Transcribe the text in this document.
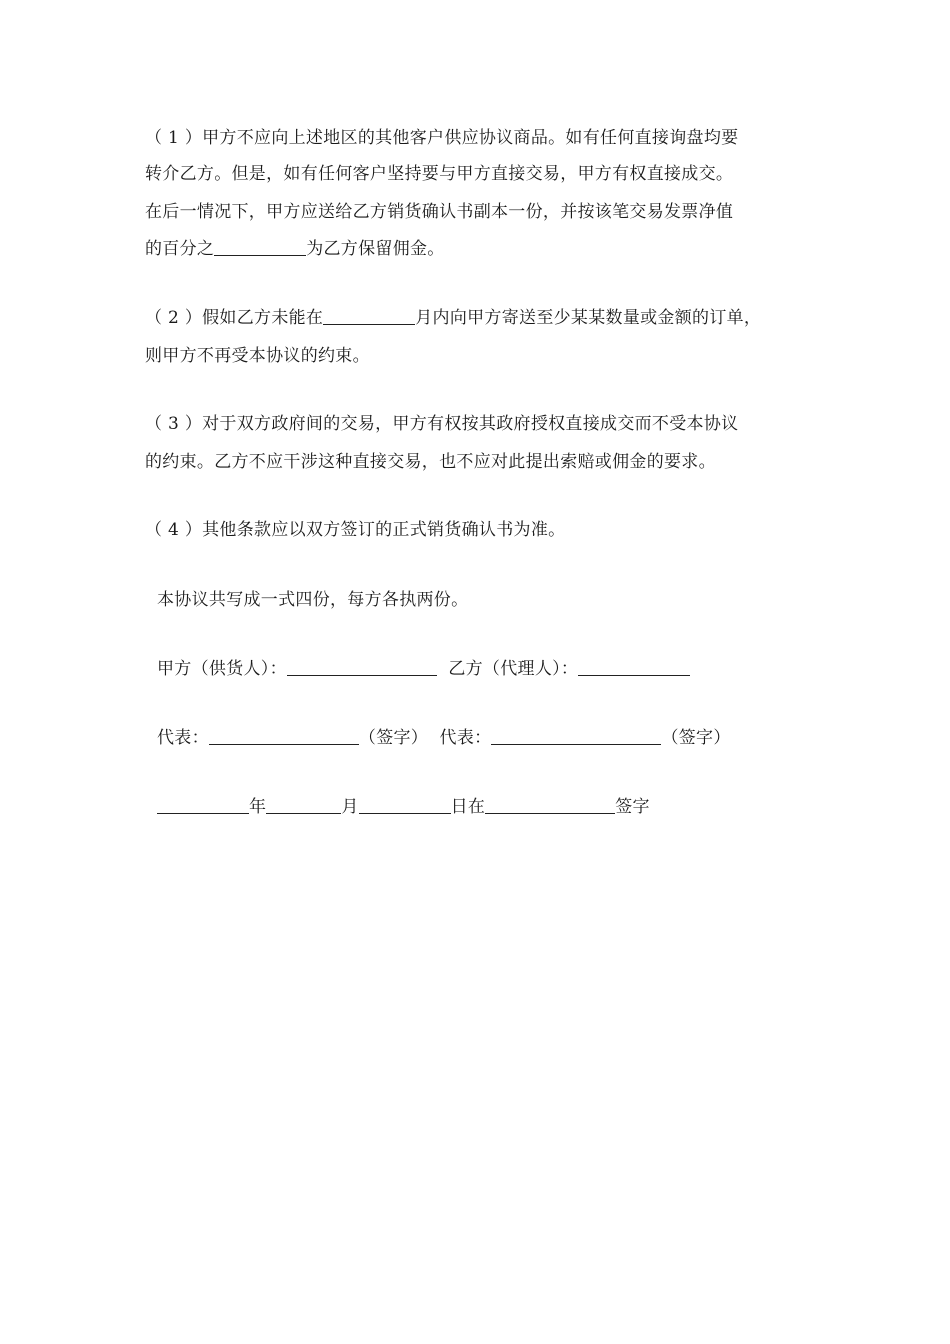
（ 1 ）甲方不应向上述地区的其他客户供应协议商品。如有任何直接询盘均要
转介乙方。但是，如有任何客户坚持要与甲方直接交易，甲方有权直接成交。
在后一情况下，甲方应送给乙方销货确认书副本一份，并按该笔交易发票净值
的百分之	为乙方保留佣金。
（ 2 ）假如乙方未能在	月内向甲方寄送至少某某数量或金额的订单，
则甲方不再受本协议的约束。
（ 3 ）对于双方政府间的交易，甲方有权按其政府授权直接成交而不受本协议
的约束。乙方不应干涉这种直接交易，也不应对此提出索赔或佣金的要求。
（ 4 ）其他条款应以双方签订的正式销货确认书为准。
本协议共写成一式四份，每方各执两份。
甲方（供货人）：	乙方（代理人）：
代表：	（签字） 代表：	（签字）
年	月	日在	签字
